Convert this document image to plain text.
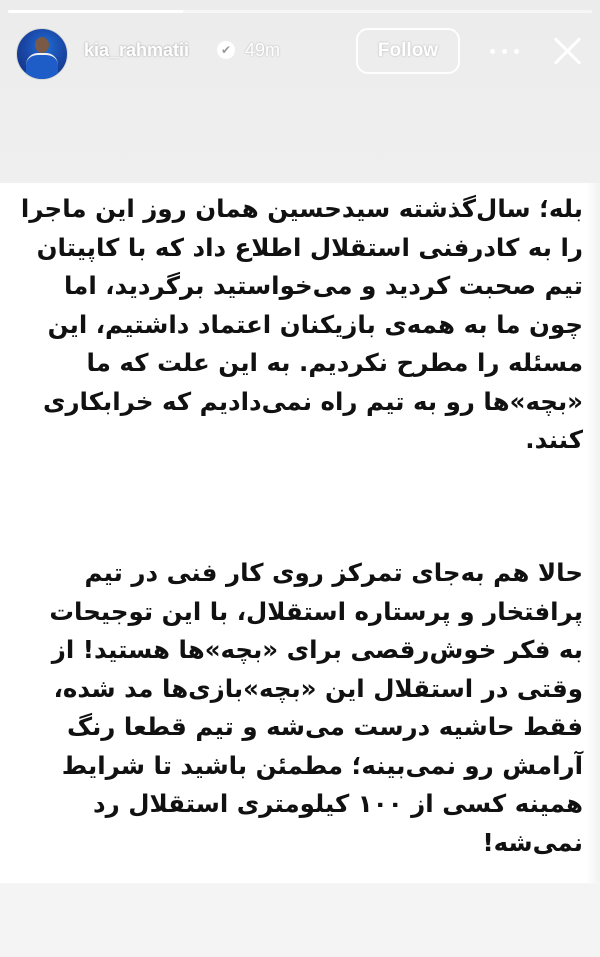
kia_rahmatii	✔ 49m	Follow

بله؛ سال‌گذشته سیدحسین همان روز این ماجرا را به کادرفنی استقلال اطلاع داد که با کاپیتان تیم صحبت کردید و می‌خواستید برگردید، اما چون ما به همه‌ی بازیکنان اعتماد داشتیم، این مسئله را مطرح نکردیم. به این علت که ما «بچه»ها رو به تیم راه نمی‌دادیم که خرابکاری کنند.

حالا هم به‌جای تمرکز روی کار فنی در تیم پرافتخار و پرستاره استقلال، با این توجیحات به فکر خوش‌رقصی برای «بچه»ها هستید! از وقتی در استقلال این «بچه»بازی‌ها مد شده، فقط حاشیه درست می‌شه و تیم قطعا رنگ آرامش رو نمی‌بینه؛ مطمئن باشید تا شرایط همینه کسی از ۱۰۰ کیلومتری استقلال رد نمی‌شه!
